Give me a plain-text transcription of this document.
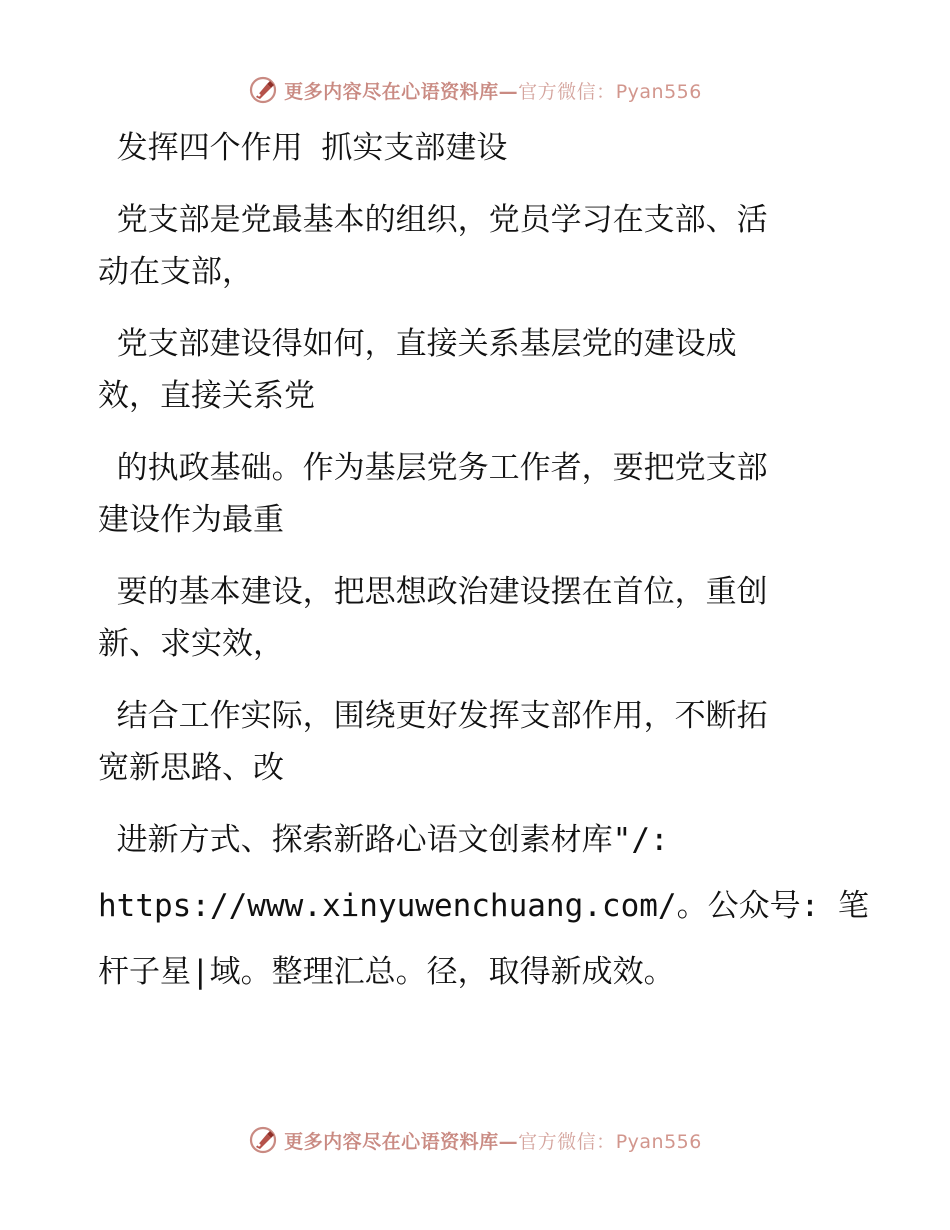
更多内容尽在心语资料库—官方微信：Pyan556
发挥四个作用 抓实支部建设
党支部是党最基本的组织，党员学习在支部、活
动在支部，
党支部建设得如何，直接关系基层党的建设成
效，直接关系党
的执政基础。作为基层党务工作者，要把党支部
建设作为最重
要的基本建设，把思想政治建设摆在首位，重创
新、求实效，
结合工作实际，围绕更好发挥支部作用，不断拓
宽新思路、改
进新方式、探索新路心语文创素材库"/:
https://www.xinyuwenchuang.com/。公众号: 笔
杆子星|域。整理汇总。径，取得新成效。
更多内容尽在心语资料库—官方微信：Pyan556
